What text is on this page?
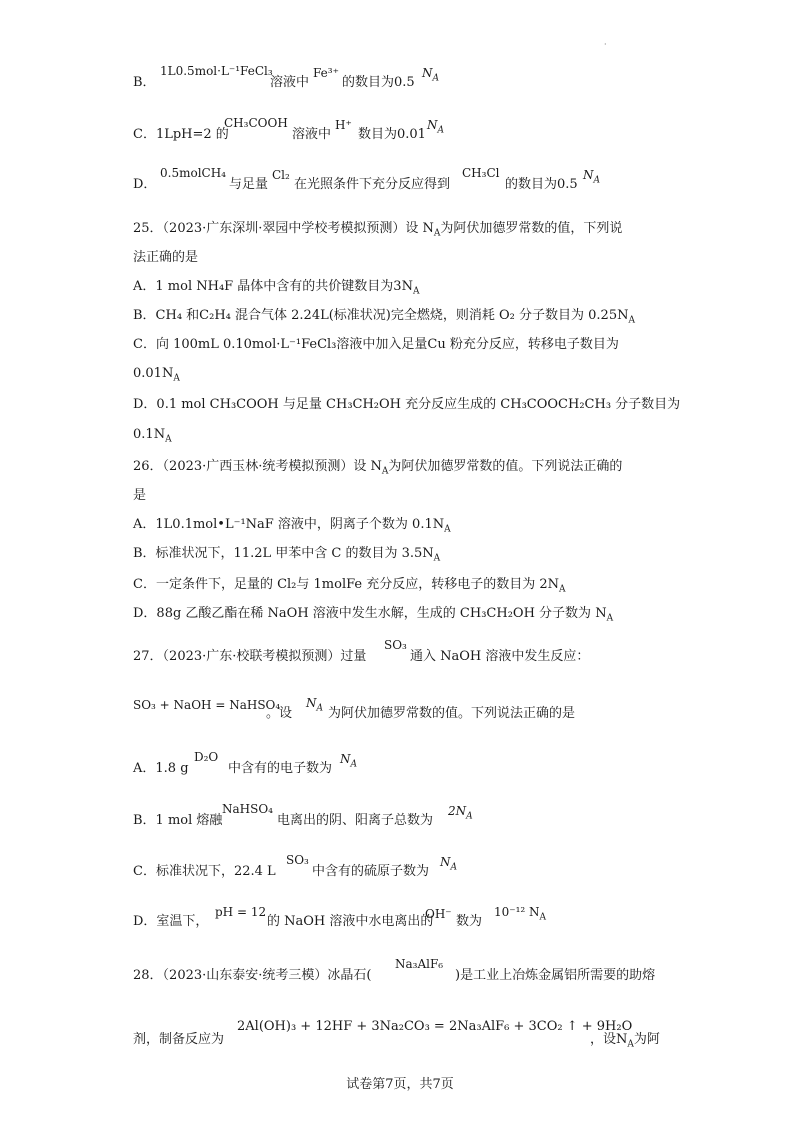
·
B．
1L0.5mol·L⁻¹FeCl₃
溶液中
Fe³⁺
的数目为0.5
$N_A$
C．1LpH=2 的
CH₃COOH
溶液中
H⁺
数目为0.01
$N_A$
D．
0.5molCH₄
与足量
Cl₂
在光照条件下充分反应得到
CH₃Cl
的数目为0.5
$N_A$
25．（2023·广东深圳·翠园中学校考模拟预测）设 $N_A$为阿伏加德罗常数的值，下列说
法正确的是
A．1 mol NH₄F 晶体中含有的共价键数目为$3N_A$
B．CH₄ 和C₂H₄ 混合气体 2.24L(标准状况)完全燃烧，则消耗 O₂ 分子数目为 $0.25N_A$
C．向 100mL 0.10mol·L⁻¹FeCl₃溶液中加入足量Cu 粉充分反应，转移电子数目为
$0.01N_A$
D．0.1 mol CH₃COOH 与足量 CH₃CH₂OH 充分反应生成的 CH₃COOCH₂CH₃ 分子数目为
$0.1N_A$
26．（2023·广西玉林·统考模拟预测）设 $N_A$为阿伏加德罗常数的值。下列说法正确的
是
A．1L0.1mol•L⁻¹NaF 溶液中，阴离子个数为 $0.1N_A$
B．标准状况下，11.2L 甲苯中含 C 的数目为 $3.5N_A$
C．一定条件下，足量的 Cl₂与 1molFe 充分反应，转移电子的数目为 $2N_A$
D．88g 乙酸乙酯在稀 NaOH 溶液中发生水解，生成的 CH₃CH₂OH 分子数为 $N_A$
27．（2023·广东·校联考模拟预测）过量
SO₃
通入 NaOH 溶液中发生反应：
SO₃ + NaOH = NaHSO₄
。设
$N_A$ 为阿伏加德罗常数的值。下列说法正确的是
A．1.8 g
D₂O
中含有的电子数为
$N_A$
B．1 mol 熔融
NaHSO₄
电离出的阴、阳离子总数为
$2N_A$
C．标准状况下，22.4 L
SO₃
中含有的硫原子数为
$N_A$
D．室温下，
pH = 12
的 NaOH 溶液中水电离出的
OH⁻ 数为
10⁻¹² $N_A$
28．（2023·山东泰安·统考三模）冰晶石(
Na₃AlF₆
)是工业上冶炼金属铝所需要的助熔
剂，制备反应为
2Al(OH)₃ + 12HF + 3Na₂CO₃ = 2Na₃AlF₆ + 3CO₂ ↑ + 9H₂O
，设$N_A$为阿
试卷第7页，共7页
